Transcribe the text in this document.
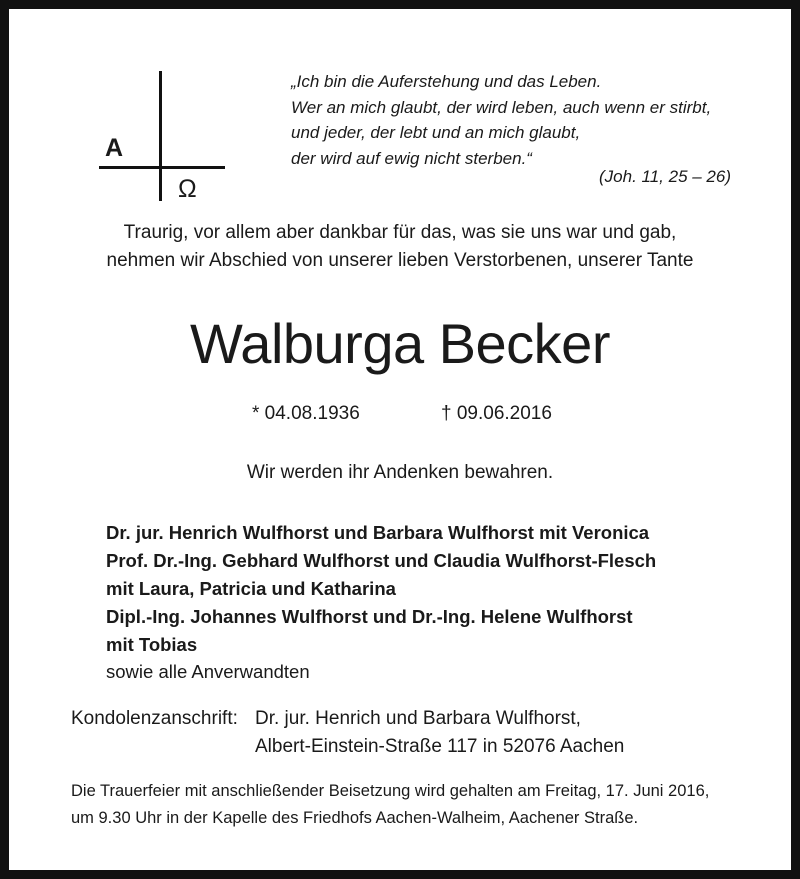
A
Ω
„Ich bin die Auferstehung und das Leben.
Wer an mich glaubt, der wird leben, auch wenn er stirbt,
und jeder, der lebt und an mich glaubt,
der wird auf ewig nicht sterben.“
(Joh. 11, 25 – 26)
Traurig, vor allem aber dankbar für das, was sie uns war und gab,
nehmen wir Abschied von unserer lieben Verstorbenen, unserer Tante
Walburga Becker
* 04.08.1936	† 09.06.2016
Wir werden ihr Andenken bewahren.
Dr. jur. Henrich Wulfhorst und Barbara Wulfhorst mit Veronica
Prof. Dr.-Ing. Gebhard Wulfhorst und Claudia Wulfhorst-Flesch
mit Laura, Patricia und Katharina
Dipl.-Ing. Johannes Wulfhorst und Dr.-Ing. Helene Wulfhorst
mit Tobias
sowie alle Anverwandten
Kondolenzanschrift: Dr. jur. Henrich und Barbara Wulfhorst,
Albert-Einstein-Straße 117 in 52076 Aachen
Die Trauerfeier mit anschließender Beisetzung wird gehalten am Freitag, 17. Juni 2016,
um 9.30 Uhr in der Kapelle des Friedhofs Aachen-Walheim, Aachener Straße.
